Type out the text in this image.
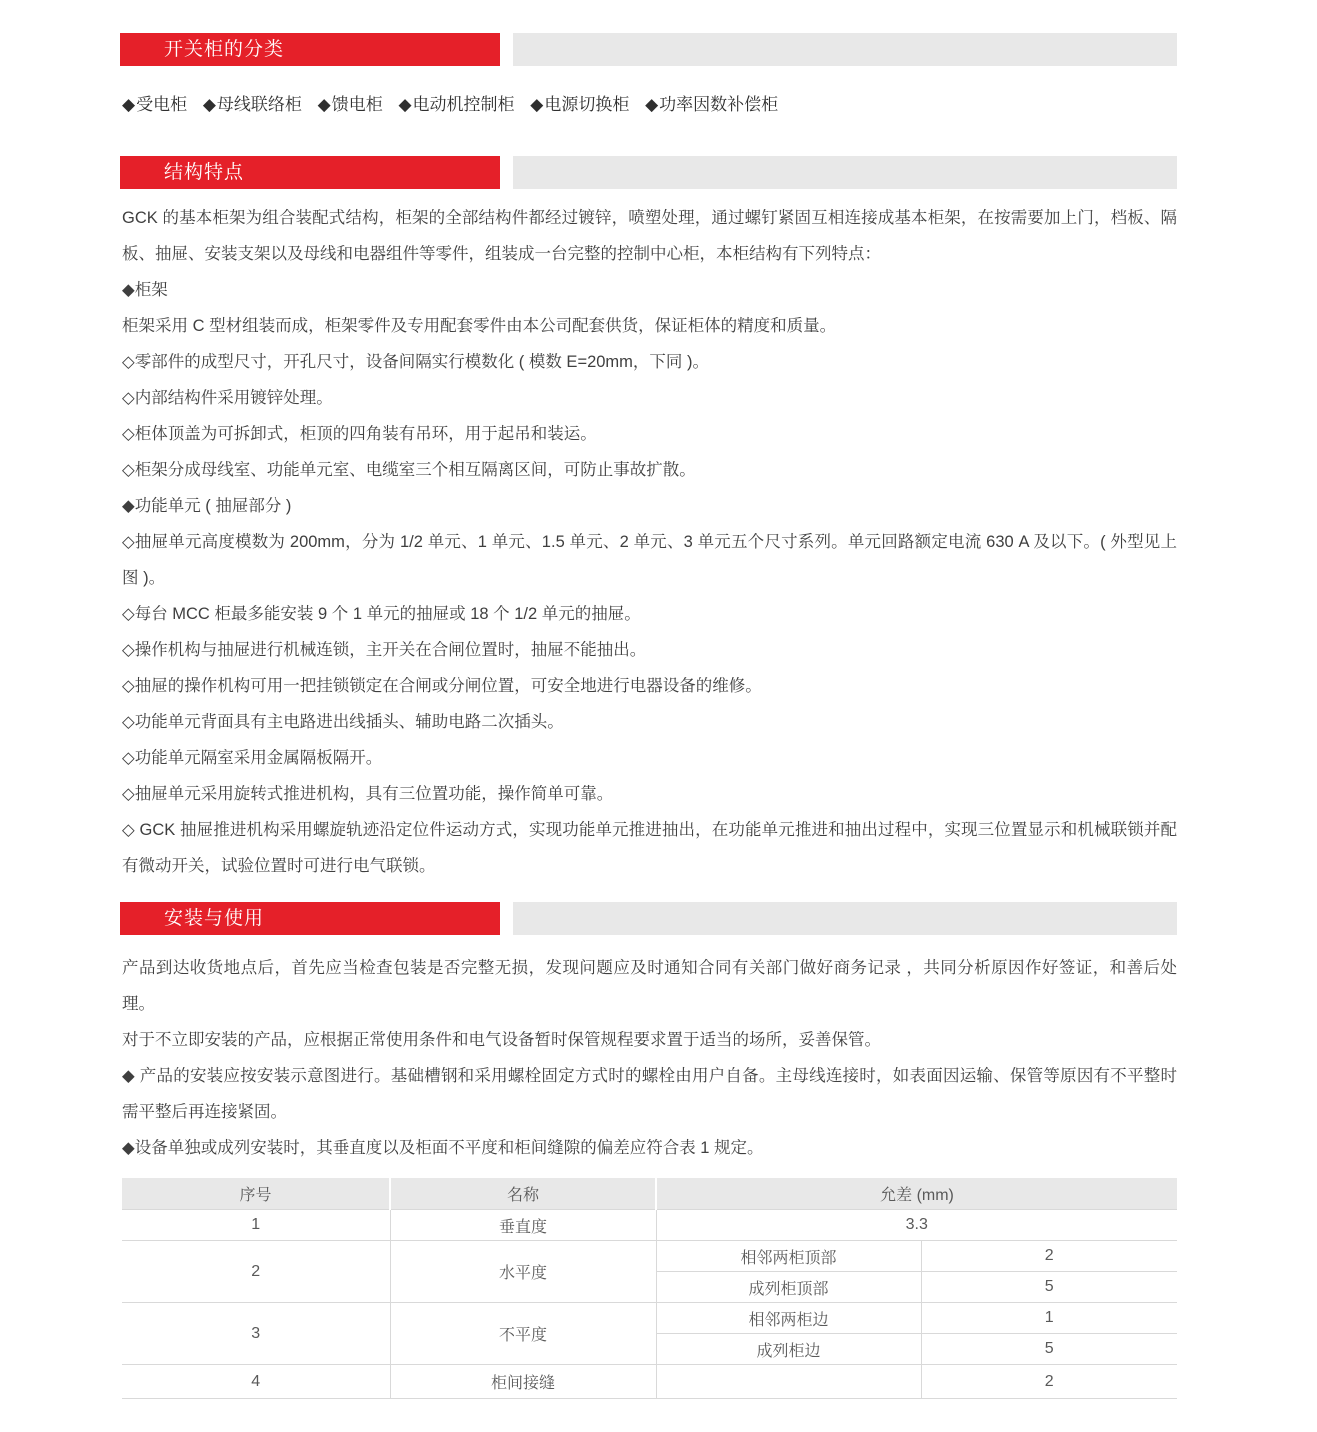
开关柜的分类
◆受电柜 ◆母线联络柜 ◆馈电柜 ◆电动机控制柜 ◆电源切换柜 ◆功率因数补偿柜
结构特点

GCK 的基本柜架为组合装配式结构，柜架的全部结构件都经过镀锌，喷塑处理，通过螺钉紧固互相连接成基本柜架，在按需要加上门，档板、隔板、抽屉、安装支架以及母线和电器组件等零件，组装成一台完整的控制中心柜，本柜结构有下列特点：

◆柜架

柜架采用 C 型材组装而成，柜架零件及专用配套零件由本公司配套供货，保证柜体的精度和质量。

◇零部件的成型尺寸，开孔尺寸，设备间隔实行模数化 ( 模数 E=20mm，下同 )。

◇内部结构件采用镀锌处理。

◇柜体顶盖为可拆卸式，柜顶的四角装有吊环，用于起吊和装运。

◇柜架分成母线室、功能单元室、电缆室三个相互隔离区间，可防止事故扩散。

◆功能单元 ( 抽屉部分 )

◇抽屉单元高度模数为 200mm，分为 1/2 单元、1 单元、1.5 单元、2 单元、3 单元五个尺寸系列。单元回路额定电流 630 A 及以下。( 外型见上图 )。

◇每台 MCC 柜最多能安装 9 个 1 单元的抽屉或 18 个 1/2 单元的抽屉。

◇操作机构与抽屉进行机械连锁，主开关在合闸位置时，抽屉不能抽出。

◇抽屉的操作机构可用一把挂锁锁定在合闸或分闸位置，可安全地进行电器设备的维修。

◇功能单元背面具有主电路进出线插头、辅助电路二次插头。

◇功能单元隔室采用金属隔板隔开。

◇抽屉单元采用旋转式推进机构，具有三位置功能，操作简单可靠。

◇ GCK 抽屉推进机构采用螺旋轨迹沿定位件运动方式，实现功能单元推进抽出，在功能单元推进和抽出过程中，实现三位置显示和机械联锁并配有微动开关，试验位置时可进行电气联锁。

安装与使用

产品到达收货地点后，首先应当检查包装是否完整无损，发现问题应及时通知合同有关部门做好商务记录 ，共同分析原因作好签证，和善后处理。

对于不立即安装的产品，应根据正常使用条件和电气设备暂时保管规程要求置于适当的场所，妥善保管。

◆ 产品的安装应按安装示意图进行。基础槽钢和采用螺栓固定方式时的螺栓由用户自备。主母线连接时，如表面因运输、保管等原因有不平整时需平整后再连接紧固。

◆设备单独或成列安装时，其垂直度以及柜面不平度和柜间缝隙的偏差应符合表 1 规定。

序号	名称	允差 (mm)	
1	垂直度	3.3	
2	水平度	相邻两柜顶部	2
		成列柜顶部	5
3	不平度	相邻两柜边	1
		成列柜边	5
4	柜间接缝		2
